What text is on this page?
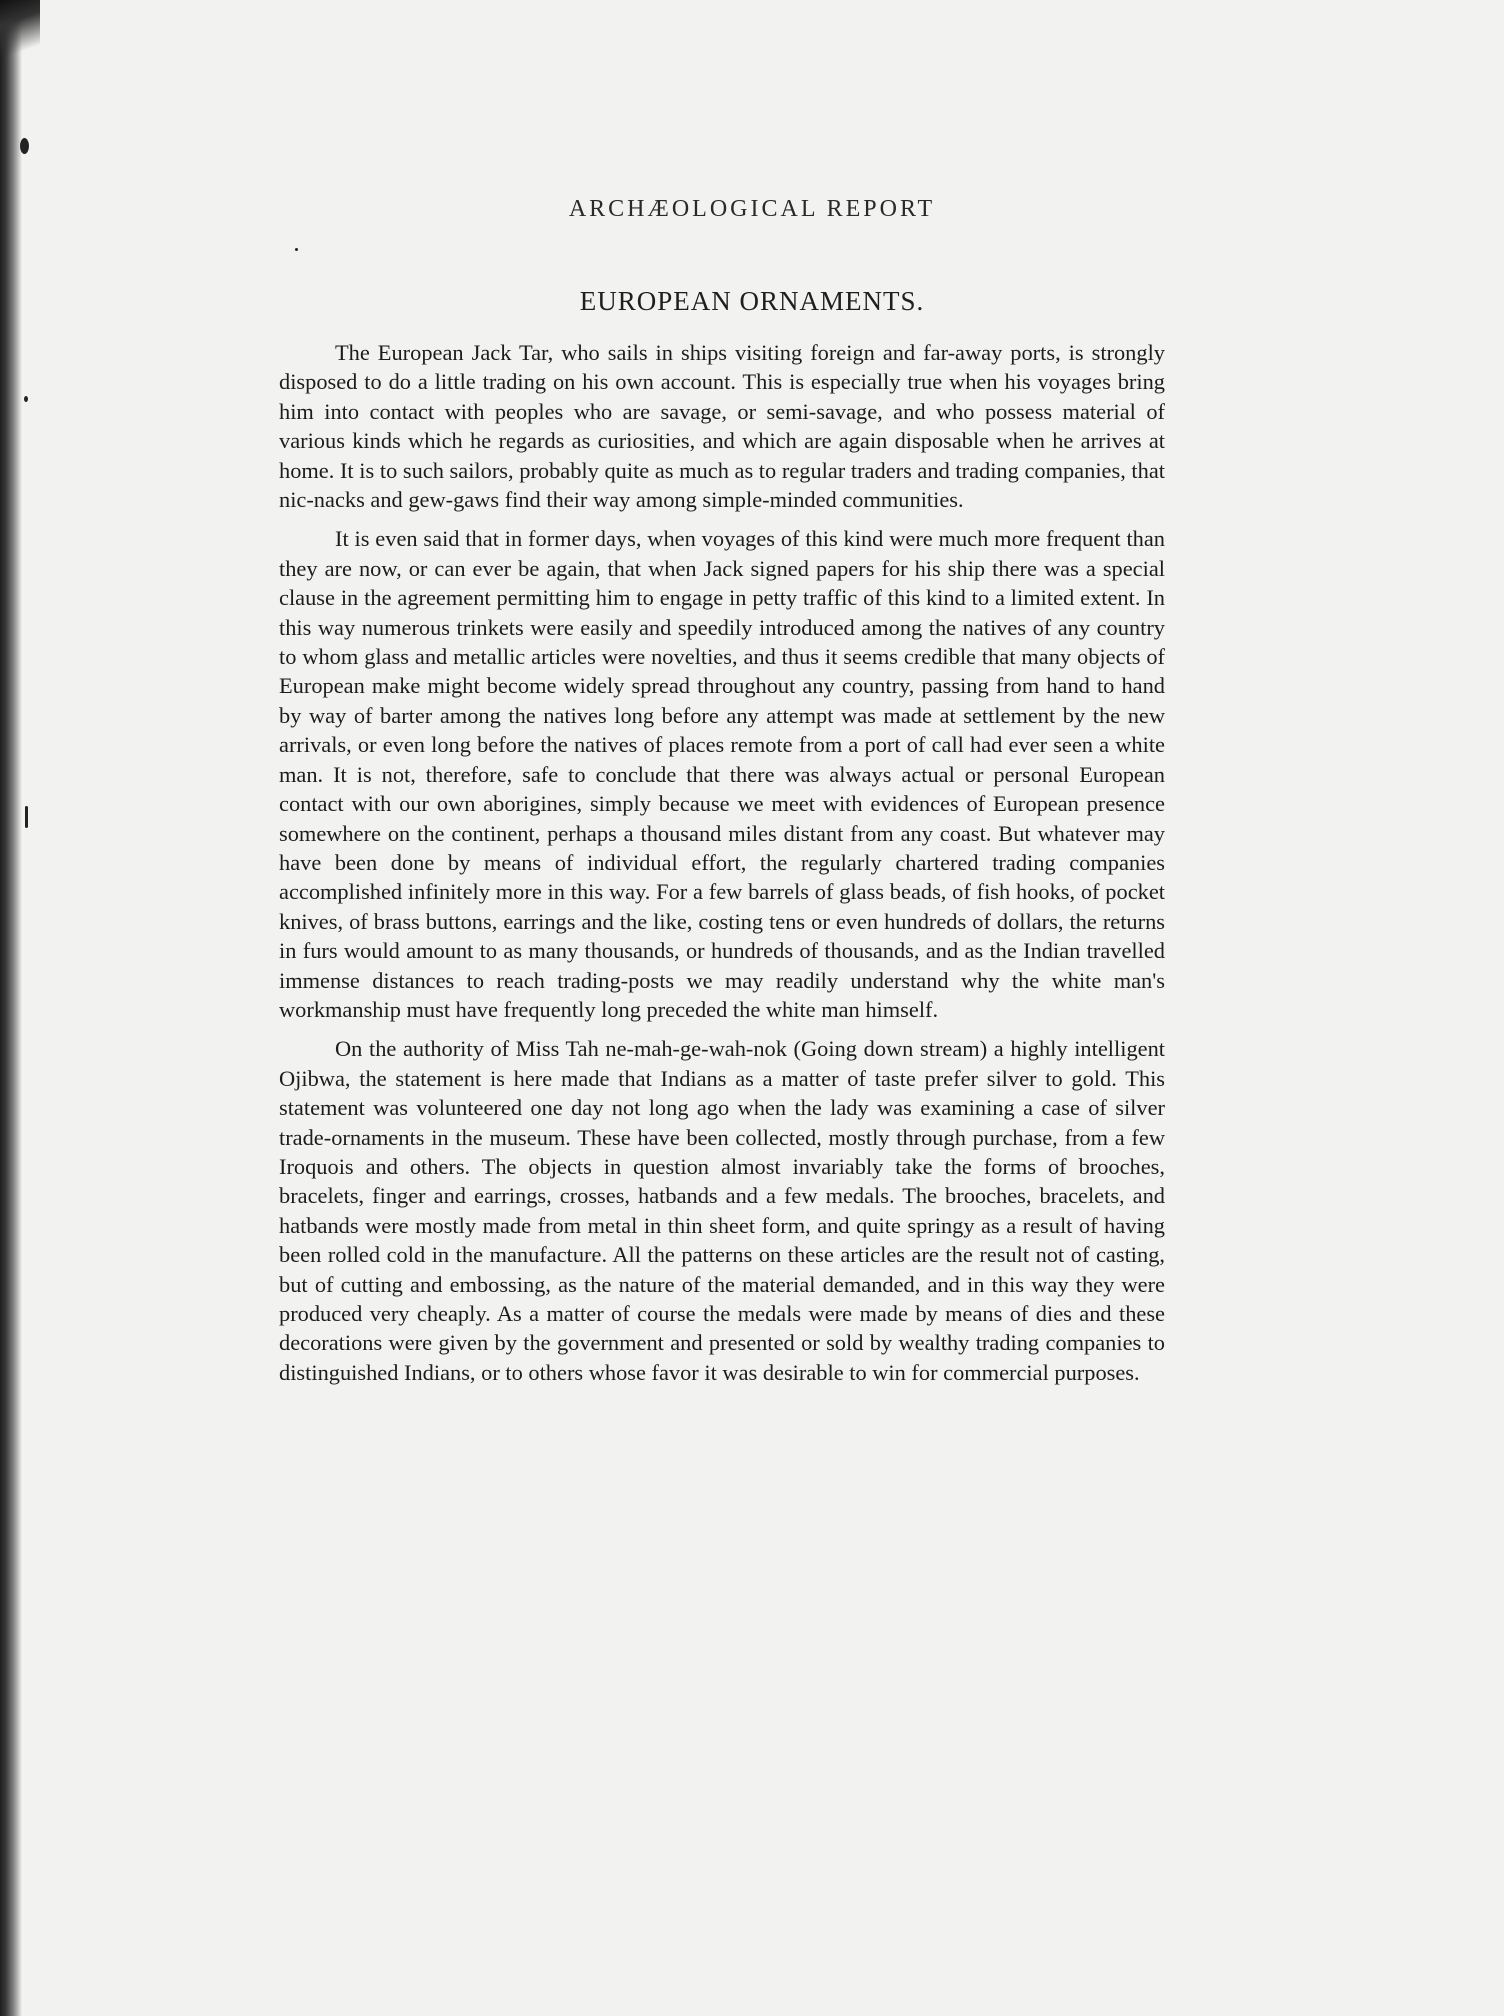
ARCHÆOLOGICAL REPORT
EUROPEAN ORNAMENTS.

The European Jack Tar, who sails in ships visiting foreign and far-away ports, is strongly disposed to do a little trading on his own account. This is especially true when his voyages bring him into contact with peoples who are savage, or semi-savage, and who possess material of various kinds which he regards as curiosities, and which are again disposable when he arrives at home. It is to such sailors, probably quite as much as to regular traders and trading companies, that nic-nacks and gew-gaws find their way among simple-minded communities.

It is even said that in former days, when voyages of this kind were much more frequent than they are now, or can ever be again, that when Jack signed papers for his ship there was a special clause in the agreement permitting him to engage in petty traffic of this kind to a limited extent. In this way numerous trinkets were easily and speedily introduced among the natives of any country to whom glass and metallic articles were novelties, and thus it seems credible that many objects of European make might become widely spread throughout any country, passing from hand to hand by way of barter among the natives long before any attempt was made at settlement by the new arrivals, or even long before the natives of places remote from a port of call had ever seen a white man. It is not, therefore, safe to conclude that there was always actual or personal European contact with our own aborigines, simply because we meet with evidences of European presence somewhere on the continent, perhaps a thousand miles distant from any coast. But whatever may have been done by means of individual effort, the regularly chartered trading companies accomplished infinitely more in this way. For a few barrels of glass beads, of fish hooks, of pocket knives, of brass buttons, earrings and the like, costing tens or even hundreds of dollars, the returns in furs would amount to as many thousands, or hundreds of thousands, and as the Indian travelled immense distances to reach trading-posts we may readily understand why the white man's workmanship must have frequently long preceded the white man himself.

On the authority of Miss Tah ne-mah-ge-wah-nok (Going down stream) a highly intelligent Ojibwa, the statement is here made that Indians as a matter of taste prefer silver to gold. This statement was volunteered one day not long ago when the lady was examining a case of silver trade-ornaments in the museum. These have been collected, mostly through purchase, from a few Iroquois and others. The objects in question almost invariably take the forms of brooches, bracelets, finger and earrings, crosses, hatbands and a few medals. The brooches, bracelets, and hatbands were mostly made from metal in thin sheet form, and quite springy as a result of having been rolled cold in the manufacture. All the patterns on these articles are the result not of casting, but of cutting and embossing, as the nature of the material demanded, and in this way they were produced very cheaply. As a matter of course the medals were made by means of dies and these decorations were given by the government and presented or sold by wealthy trading companies to distinguished Indians, or to others whose favor it was desirable to win for commercial purposes.
